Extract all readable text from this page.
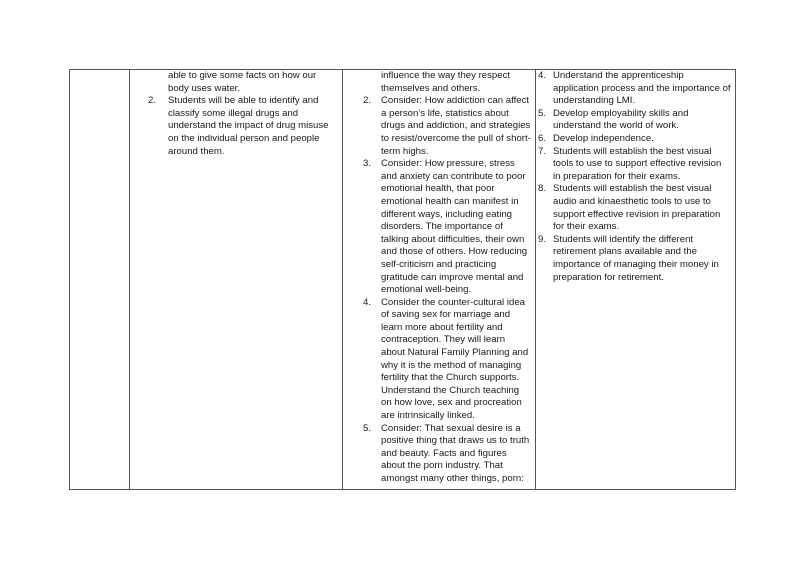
able to give some facts on how our body uses water.

2. Students will be able to identify and classify some illegal drugs and understand the impact of drug misuse on the individual person and people around them.

influence the way they respect themselves and others.

2. Consider: How addiction can affect a person’s life, statistics about drugs and addiction, and strategies to resist/overcome the pull of short-term highs.
3. Consider: How pressure, stress and anxiety can contribute to poor emotional health, that poor emotional health can manifest in different ways, including eating disorders. The importance of talking about difficulties, their own and those of others. How reducing self-criticism and practicing gratitude can improve mental and emotional well-being.
4. Consider the counter-cultural idea of saving sex for marriage and learn more about fertility and contraception. They will learn about Natural Family Planning and why it is the method of managing fertility that the Church supports. Understand the Church teaching on how love, sex and procreation are intrinsically linked.
5. Consider: That sexual desire is a positive thing that draws us to truth and beauty. Facts and figures about the porn industry. That amongst many other things, porn:

4. Understand the apprenticeship application process and the importance of understanding LMI.
5. Develop employability skills and understand the world of work.
6. Develop independence.
7. Students will establish the best visual tools to use to support effective revision in preparation for their exams.
8. Students will establish the best visual audio and kinaesthetic tools to use to support effective revision in preparation for their exams.
9. Students will identify the different retirement plans available and the importance of managing their money in preparation for retirement.
